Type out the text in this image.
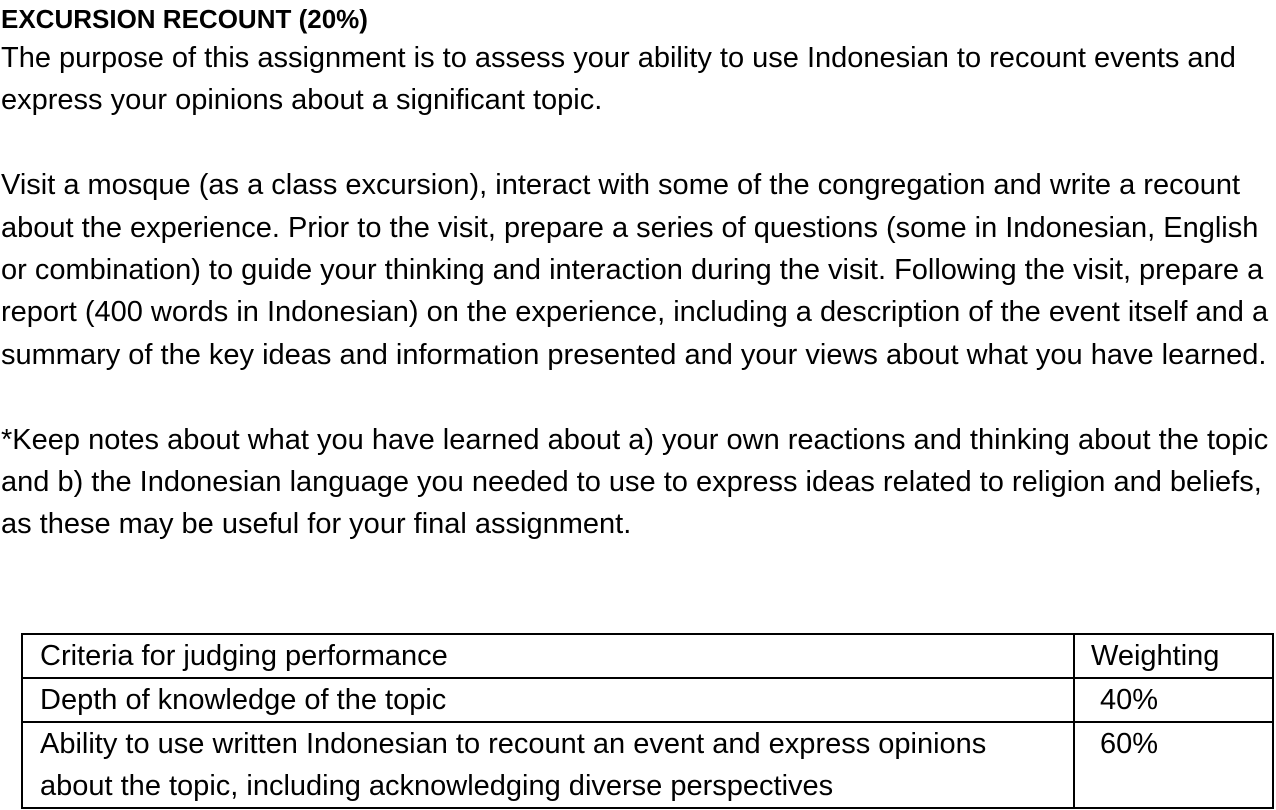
EXCURSION RECOUNT (20%)

The purpose of this assignment is to assess your ability to use Indonesian to recount events and express your opinions about a significant topic.

Visit a mosque (as a class excursion), interact with some of the congregation and write a recount about the experience. Prior to the visit, prepare a series of questions (some in Indonesian, English or combination) to guide your thinking and interaction during the visit. Following the visit, prepare a report (400 words in Indonesian) on the experience, including a description of the event itself and a summary of the key ideas and information presented and your views about what you have learned.

*Keep notes about what you have learned about a) your own reactions and thinking about the topic and b) the Indonesian language you needed to use to express ideas related to religion and beliefs, as these may be useful for your final assignment.

Criteria for judging performance	Weighting
Depth of knowledge of the topic	40%
Ability to use written Indonesian to recount an event and express opinions about the topic, including acknowledging diverse perspectives	60%
